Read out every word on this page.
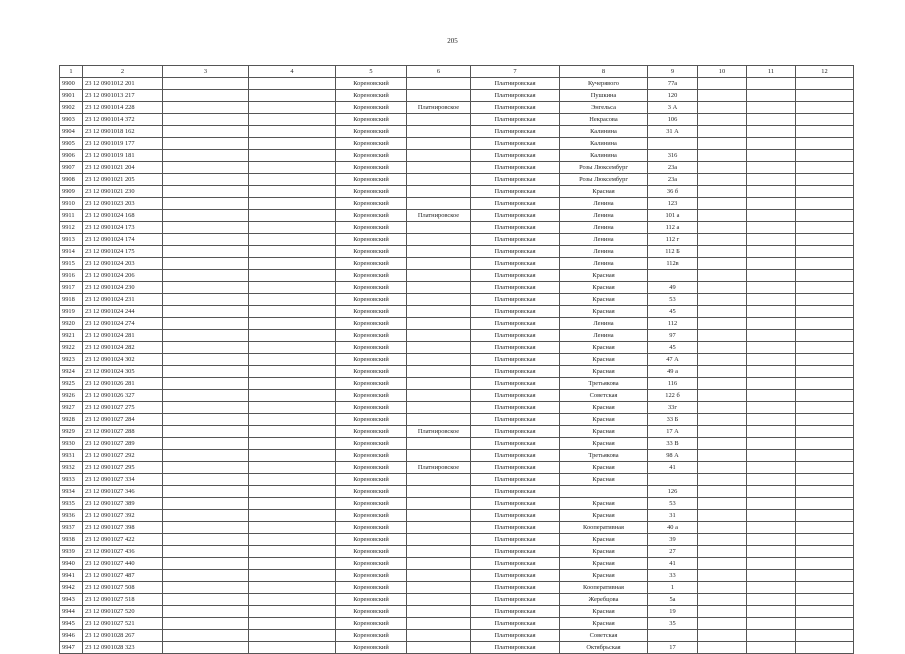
205
1	2	3	4	5	6	7	8	9	10	11	12
9900	23 12 0901012 201			Кореновский		Платнировская	Кучерявого	77а			
9901	23 12 0901013 217			Кореновский		Платнировская	Пушкина	120			
9902	23 12 0901014 228			Кореновский	Платнировское	Платнировская	Энгельса	3 А			
9903	23 12 0901014 372			Кореновский		Платнировская	Некрасова	106			
9904	23 12 0901018 162			Кореновский		Платнировская	Калинина	31 А			
9905	23 12 0901019 177			Кореновский		Платнировская	Калинина				
9906	23 12 0901019 181			Кореновский		Платнировская	Калинина	316			
9907	23 12 0901021 204			Кореновский		Платнировская	Розы Люксембург	23а			
9908	23 12 0901021 205			Кореновский		Платнировская	Розы Люксембург	23а			
9909	23 12 0901021 230			Кореновский		Платнировская	Красная	36 б			
9910	23 12 0901023 203			Кореновский		Платнировская	Ленина	123			
9911	23 12 0901024 168			Кореновский	Платнировское	Платнировская	Ленина	101 а			
9912	23 12 0901024 173			Кореновский		Платнировская	Ленина	112 а			
9913	23 12 0901024 174			Кореновский		Платнировская	Ленина	112 г			
9914	23 12 0901024 175			Кореновский		Платнировская	Ленина	112 Б			
9915	23 12 0901024 203			Кореновский		Платнировская	Ленина	112в			
9916	23 12 0901024 206			Кореновский		Платнировская	Красная				
9917	23 12 0901024 230			Кореновский		Платнировская	Красная	49			
9918	23 12 0901024 231			Кореновский		Платнировская	Красная	53			
9919	23 12 0901024 244			Кореновский		Платнировская	Красная	45			
9920	23 12 0901024 274			Кореновский		Платнировская	Ленина	112			
9921	23 12 0901024 281			Кореновский		Платнировская	Ленина	97			
9922	23 12 0901024 282			Кореновский		Платнировская	Красная	45			
9923	23 12 0901024 302			Кореновский		Платнировская	Красная	47 А			
9924	23 12 0901024 305			Кореновский		Платнировская	Красная	49 а			
9925	23 12 0901026 281			Кореновский		Платнировская	Третьякова	116			
9926	23 12 0901026 327			Кореновский		Платнировская	Советская	122 б			
9927	23 12 0901027 275			Кореновский		Платнировская	Красная	33г			
9928	23 12 0901027 284			Кореновский		Платнировская	Красная	33 Б			
9929	23 12 0901027 288			Кореновский	Платнировское	Платнировская	Красная	17 А			
9930	23 12 0901027 289			Кореновский		Платнировская	Красная	33 В			
9931	23 12 0901027 292			Кореновский		Платнировская	Третьякова	98 А			
9932	23 12 0901027 295			Кореновский	Платнировское	Платнировская	Красная	41			
9933	23 12 0901027 334			Кореновский		Платнировская	Красная				
9934	23 12 0901027 346			Кореновский		Платнировская		126			
9935	23 12 0901027 389			Кореновский		Платнировская	Красная	53			
9936	23 12 0901027 392			Кореновский		Платнировская	Красная	31			
9937	23 12 0901027 398			Кореновский		Платнировская	Кооперативная	40 а			
9938	23 12 0901027 422			Кореновский		Платнировская	Красная	39			
9939	23 12 0901027 436			Кореновский		Платнировская	Красная	27			
9940	23 12 0901027 440			Кореновский		Платнировская	Красная	41			
9941	23 12 0901027 487			Кореновский		Платнировская	Красная	33			
9942	23 12 0901027 508			Кореновский		Платнировская	Кооперативная	1			
9943	23 12 0901027 518			Кореновский		Платнировская	Жеребцова	5а			
9944	23 12 0901027 520			Кореновский		Платнировская	Красная	19			
9945	23 12 0901027 521			Кореновский		Платнировская	Красная	35			
9946	23 12 0901028 267			Кореновский		Платнировская	Советская				
9947	23 12 0901028 323			Кореновский		Платнировская	Октябрьская	17			
